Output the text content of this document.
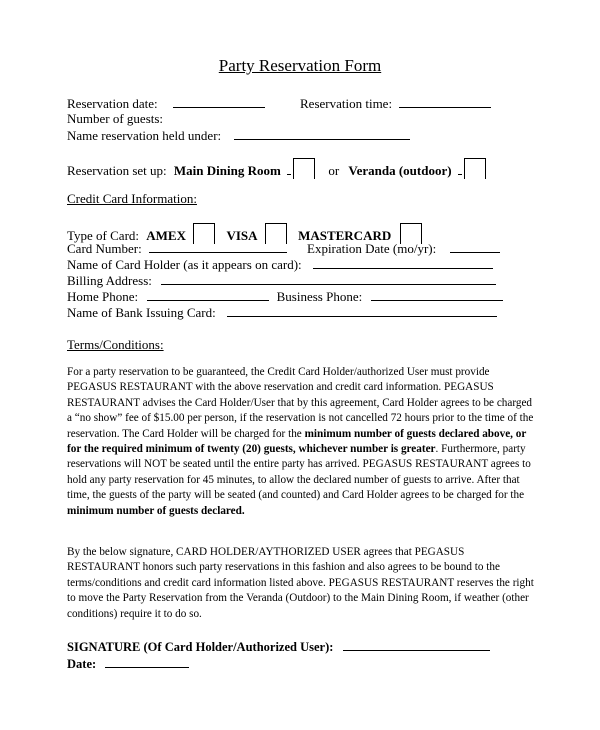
Party Reservation Form
Reservation date:	Reservation time:
Number of guests:
Name reservation held under:
Reservation set up: Main Dining Room	or Veranda (outdoor)
Credit Card Information:
Type of Card: AMEX	VISA	MASTERCARD
Card Number:	Expiration Date (mo/yr):
Name of Card Holder (as it appears on card):
Billing Address:
Home Phone:	Business Phone:
Name of Bank Issuing Card:
Terms/Conditions:

For a party reservation to be guaranteed, the Credit Card Holder/authorized User must provide PEGASUS RESTAURANT with the above reservation and credit card information. PEGASUS RESTAURANT advises the Card Holder/User that by this agreement, Card Holder agrees to be charged a “no show” fee of $15.00 per person, if the reservation is not cancelled 72 hours prior to the time of the reservation. The Card Holder will be charged for the minimum number of guests declared above, or for the required minimum of twenty (20) guests, whichever number is greater. Furthermore, party reservations will NOT be seated until the entire party has arrived. PEGASUS RESTAURANT agrees to hold any party reservation for 45 minutes, to allow the declared number of guests to arrive. After that time, the guests of the party will be seated (and counted) and Card Holder agrees to be charged for the minimum number of guests declared.

By the below signature, CARD HOLDER/AYTHORIZED USER agrees that PEGASUS RESTAURANT honors such party reservations in this fashion and also agrees to be bound to the terms/conditions and credit card information listed above. PEGASUS RESTAURANT reserves the right to move the Party Reservation from the Veranda (Outdoor) to the Main Dining Room, if weather (other conditions) require it to do so.

SIGNATURE (Of Card Holder/Authorized User):
Date:
